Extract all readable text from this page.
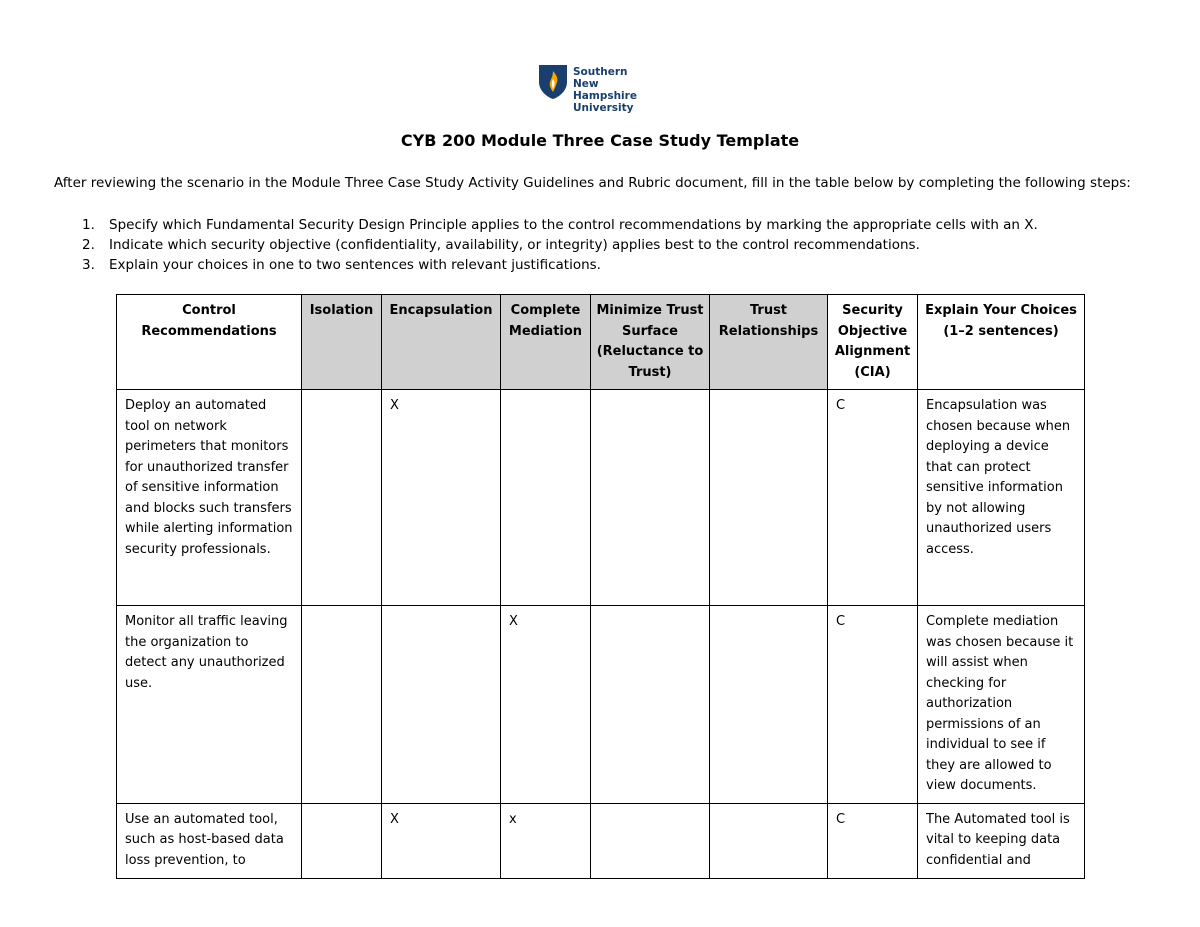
Southern
New Hampshire
University
CYB 200 Module Three Case Study Template
After reviewing the scenario in the Module Three Case Study Activity Guidelines and Rubric document, fill in the table below by completing the following steps:
1. Specify which Fundamental Security Design Principle applies to the control recommendations by marking the appropriate cells with an X.
2. Indicate which security objective (confidentiality, availability, or integrity) applies best to the control recommendations.
3. Explain your choices in one to two sentences with relevant justifications.
Control Recommendations	Isolation	Encapsulation	Complete Mediation	Minimize Trust Surface (Reluctance to Trust)	Trust Relationships	Security Objective Alignment (CIA)	Explain Your Choices (1–2 sentences)
Deploy an automated tool on network perimeters that monitors for unauthorized transfer of sensitive information and blocks such transfers while alerting information security professionals.		X				C	Encapsulation was chosen because when deploying a device that can protect sensitive information by not allowing unauthorized users access.
Monitor all traffic leaving the organization to detect any unauthorized use.			X			C	Complete mediation was chosen because it will assist when checking for authorization permissions of an individual to see if they are allowed to view documents.

Use an automated tool, such as host-based data loss prevention, to		X	x			C	The Automated tool is vital to keeping data confidential and
